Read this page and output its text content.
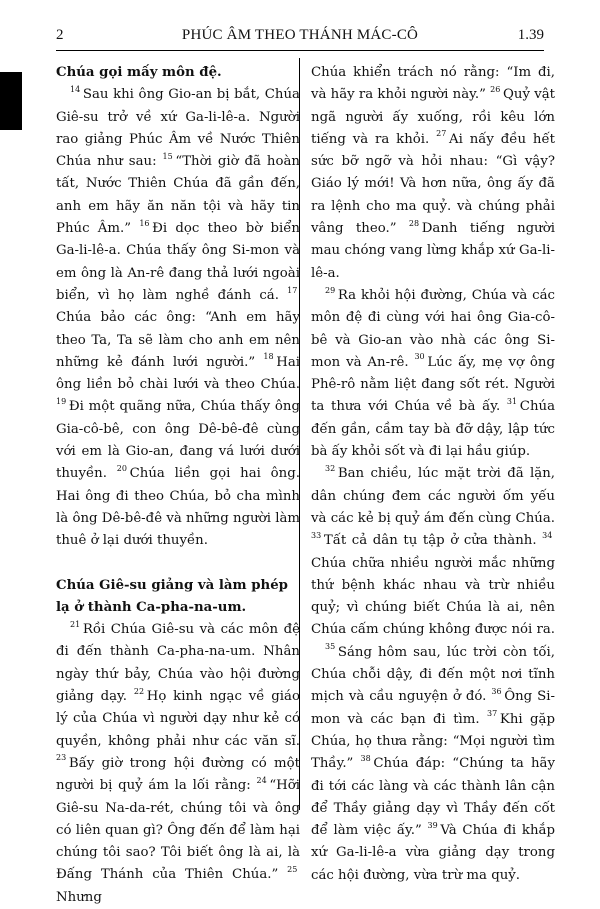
2	PHÚC ÂM THEO THÁNH MÁC-CÔ	1.39

Chúa gọi mấy môn đệ.

$^{14}$  Sau khi ông Gio-an bị bắt, Chúa Giê-su trở về xứ Ga-li-lê-a. Người rao giảng Phúc Âm về Nước Thiên Chúa như sau: $^{15}$  “Thời giờ đã hoàn tất, Nước Thiên Chúa đã gần đến, anh em hãy ăn năn tội và hãy tin Phúc Âm.” $^{16}$  Đi dọc theo bờ biển Ga-li-lê-a. Chúa thấy ông Si-mon và em ông là An-rê đang thả lưới ngoài biển, vì họ làm nghề đánh cá. $^{17}$ Chúa bảo các ông: “Anh em hãy theo Ta, Ta sẽ làm cho anh em nên những kẻ đánh lưới người.” $^{18}$  Hai ông liền bỏ chài lưới và theo Chúa. $^{19}$  Đi một quãng nữa, Chúa thấy ông Gia-cô-bê, con ông Dê-bê-đê cùng với em là Gio-an, đang vá lưới dưới thuyền. $^{20}$  Chúa liền gọi hai ông. Hai ông đi theo Chúa, bỏ cha mình là ông Dê-bê-đê và những người làm thuê ở lại dưới thuyền.

Chúa Giê-su giảng và làm phép lạ ở thành Ca-pha-na-um.

$^{21}$  Rồi Chúa Giê-su và các môn đệ đi đến thành Ca-pha-na-um. Nhân ngày thứ bảy, Chúa vào hội đường giảng dạy. $^{22}$  Họ kinh ngạc về giáo lý của Chúa vì người dạy như kẻ có quyền, không phải như các văn sĩ. $^{23}$  Bấy giờ trong hội đường có một người bị quỷ ám la lối rằng: $^{24}$  “Hỡi Giê-su Na-da-rét, chúng tôi và ông có liên quan gì? Ông đến để làm hại chúng tôi sao? Tôi biết ông là ai, là Đấng Thánh của Thiên Chúa.” $^{25}$ Nhưng

Chúa khiển trách nó rằng: “Im đi, và hãy ra khỏi người này.” $^{26}$  Quỷ vật ngã người ấy xuống, rồi kêu lớn tiếng và ra khỏi. $^{27}$  Ai nấy đều hết sức bỡ ngỡ và hỏi nhau: “Gì vậy? Giáo lý mới! Và hơn nữa, ông ấy đã ra lệnh cho ma quỷ. và chúng phải vâng theo.” $^{28}$  Danh tiếng người mau chóng vang lừng khắp xứ Ga-li-lê-a.

$^{29}$  Ra khỏi hội đường, Chúa và các môn đệ đi cùng với hai ông Gia-cô-bê và Gio-an vào nhà các ông Si-mon và An-rê. $^{30}$  Lúc ấy, mẹ vợ ông Phê-rô nằm liệt đang sốt rét. Người ta thưa với Chúa về bà ấy. $^{31}$  Chúa đến gần, cầm tay bà đỡ dậy, lập tức bà ấy khỏi sốt và đi lại hầu giúp.

$^{32}$  Ban chiều, lúc mặt trời đã lặn, dân chúng đem các người ốm yếu và các kẻ bị quỷ ám đến cùng Chúa. $^{33}$  Tất cả dân tụ tập ở cửa thành. $^{34}$ Chúa chữa nhiều người mắc những thứ bệnh khác nhau và trừ nhiều quỷ; vì chúng biết Chúa là ai, nên Chúa cấm chúng không được nói ra.

$^{35}$  Sáng hôm sau, lúc trời còn tối, Chúa chỗi dậy, đi đến một nơi tĩnh mịch và cầu nguyện ở đó. $^{36}$  Ông Si-mon và các bạn đi tìm. $^{37}$  Khi gặp Chúa, họ thưa rằng: “Mọi người tìm Thầy.” $^{38}$  Chúa đáp: “Chúng ta hãy đi tới các làng và các thành lân cận để Thầy giảng dạy vì Thầy đến cốt để làm việc ấy.” $^{39}$  Và Chúa đi khắp xứ Ga-li-lê-a vừa giảng dạy trong các hội đường, vừa trừ ma quỷ.
